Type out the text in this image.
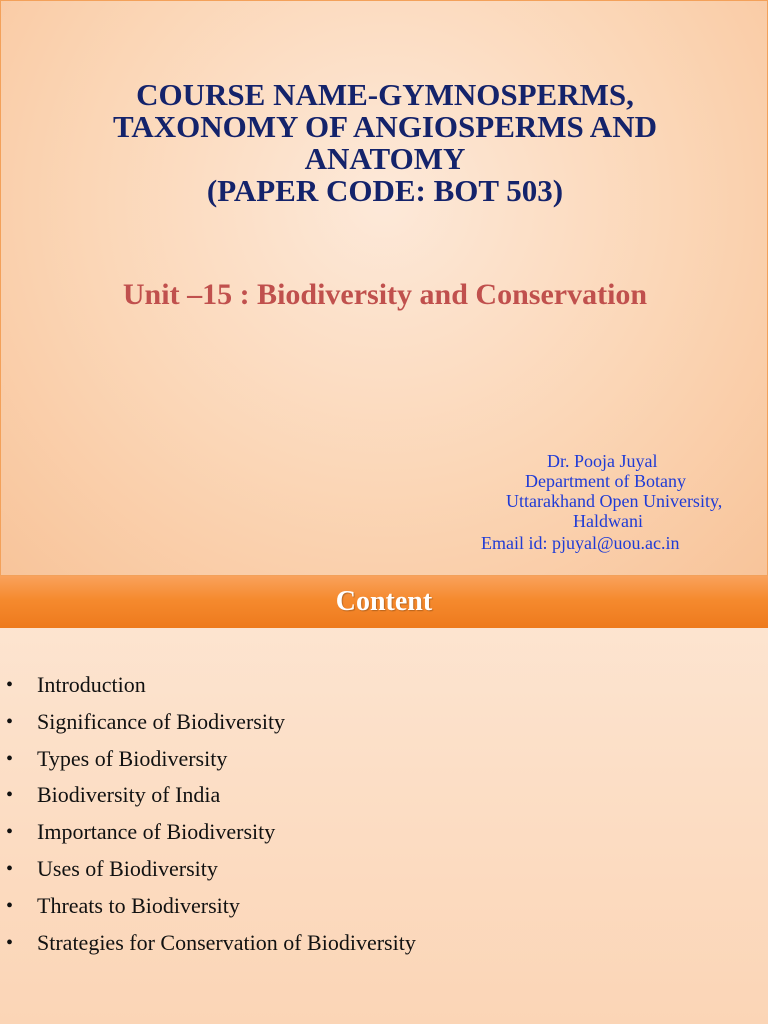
COURSE NAME-GYMNOSPERMS,
TAXONOMY OF ANGIOSPERMS AND
ANATOMY
(PAPER CODE: BOT 503)
Unit –15 : Biodiversity and Conservation
Dr. Pooja Juyal
Department of Botany
Uttarakhand Open University,
Haldwani
Email id: pjuyal@uou.ac.in
Content
• Introduction
• Significance of Biodiversity
• Types of Biodiversity
• Biodiversity of India
• Importance of Biodiversity
• Uses of Biodiversity
• Threats to Biodiversity
• Strategies for Conservation of Biodiversity
